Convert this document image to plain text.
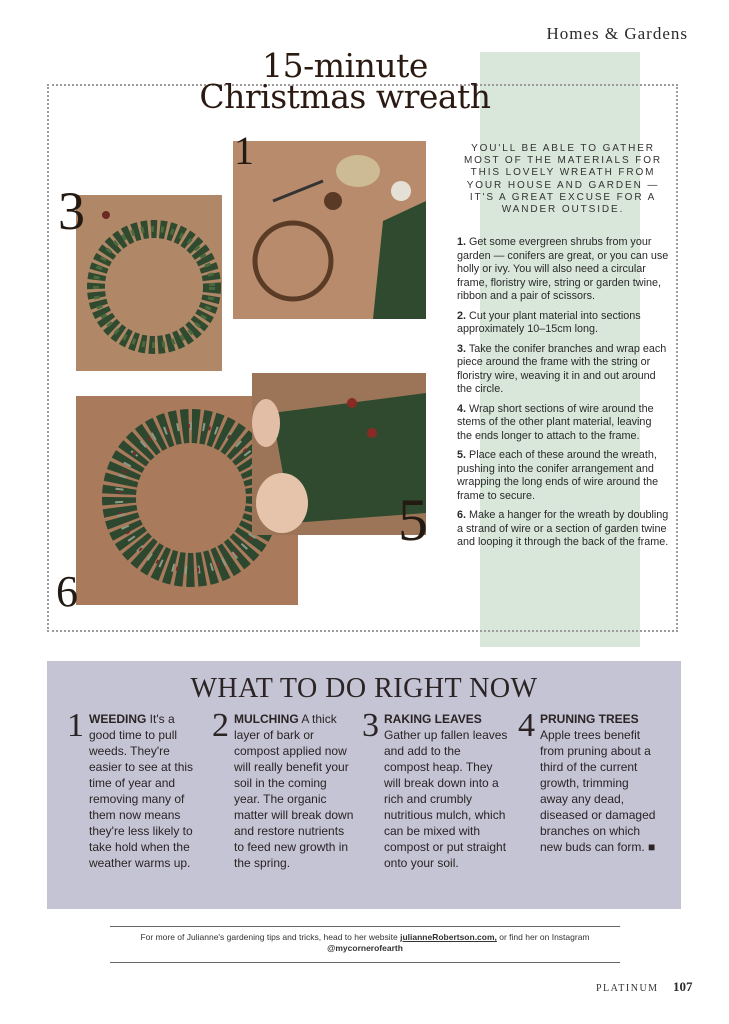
Homes & Gardens
15-minute
Christmas wreath
1
3
5
6
YOU'LL BE ABLE TO GATHER MOST OF THE MATERIALS FOR THIS LOVELY WREATH FROM YOUR HOUSE AND GARDEN — IT'S A GREAT EXCUSE FOR A WANDER OUTSIDE.

1. Get some evergreen shrubs from your garden — conifers are great, or you can use holly or ivy. You will also need a circular frame, floristry wire, string or garden twine, ribbon and a pair of scissors.

2. Cut your plant material into sections approximately 10–15cm long.

3. Take the conifer branches and wrap each piece around the frame with the string or floristry wire, weaving it in and out around the circle.

4. Wrap short sections of wire around the stems of the other plant material, leaving the ends longer to attach to the frame.

5. Place each of these around the wreath, pushing into the conifer arrangement and wrapping the long ends of wire around the frame to secure.

6. Make a hanger for the wreath by doubling a strand of wire or a section of garden twine and looping it through the back of the frame.

WHAT TO DO RIGHT NOW
1 WEEDING It's a good time to pull weeds. They're easier to see at this time of year and removing many of them now means they're less likely to take hold when the weather warms up.

2 MULCHING A thick layer of bark or compost applied now will really benefit your soil in the coming year. The organic matter will break down and restore nutrients to feed new growth in the spring.

3 RAKING LEAVES Gather up fallen leaves and add to the compost heap. They will break down into a rich and crumbly nutritious mulch, which can be mixed with compost or put straight onto your soil.

4 PRUNING TREES Apple trees benefit from pruning about a third of the current growth, trimming away any dead, diseased or damaged branches on which new buds can form. ■

For more of Julianne's gardening tips and tricks, head to her website julianneRobertson.com, or find her on Instagram @mycornerofearth
PLATINUM 107
